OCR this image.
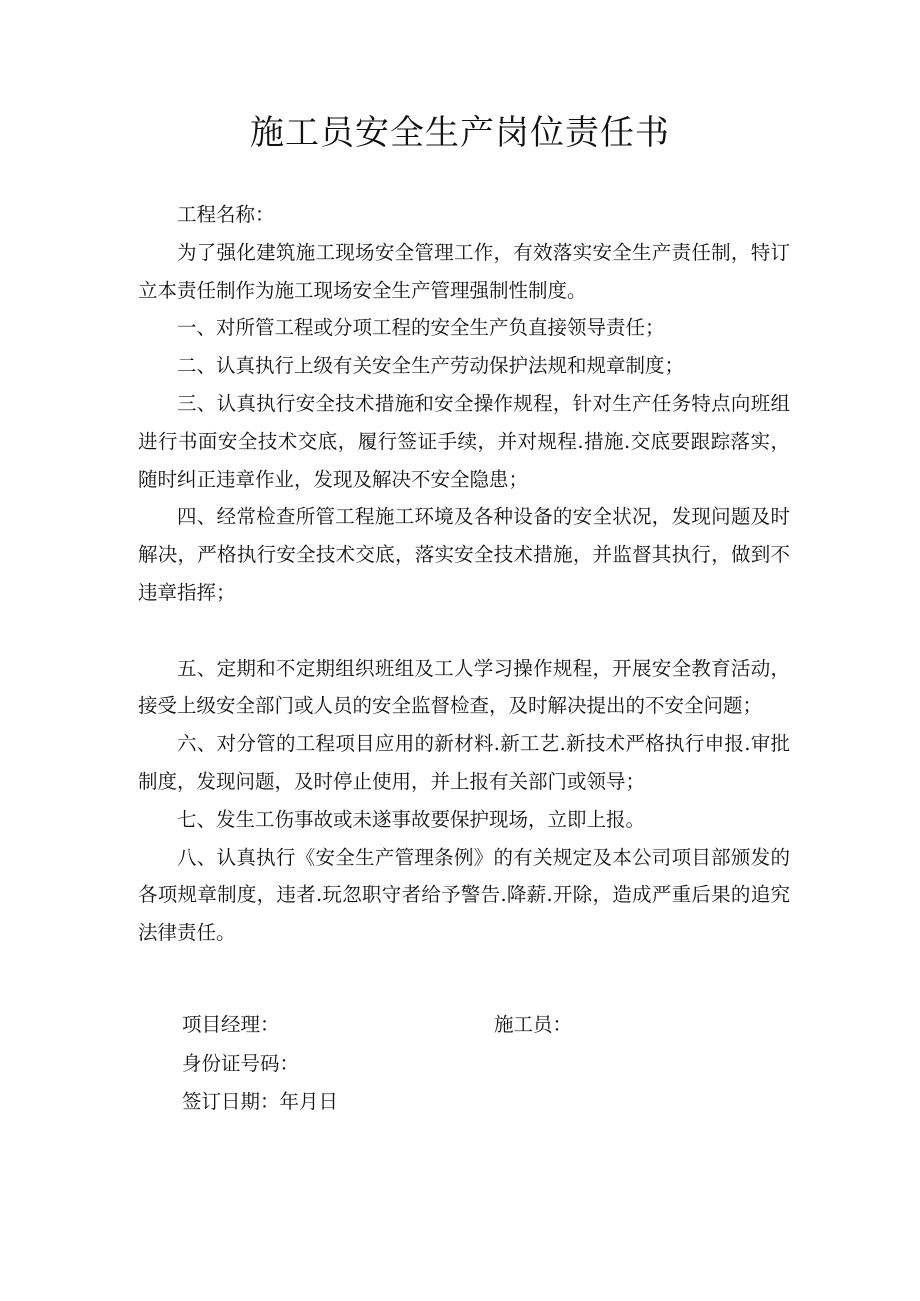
施工员安全生产岗位责任书

工程名称：

为了强化建筑施工现场安全管理工作，有效落实安全生产责任制，特订立本责任制作为施工现场安全生产管理强制性制度。

一、对所管工程或分项工程的安全生产负直接领导责任；

二、认真执行上级有关安全生产劳动保护法规和规章制度；

三、认真执行安全技术措施和安全操作规程，针对生产任务特点向班组进行书面安全技术交底，履行签证手续，并对规程.措施.交底要跟踪落实，随时纠正违章作业，发现及解决不安全隐患；

四、经常检查所管工程施工环境及各种设备的安全状况，发现问题及时解决，严格执行安全技术交底，落实安全技术措施，并监督其执行，做到不违章指挥；

五、定期和不定期组织班组及工人学习操作规程，开展安全教育活动，接受上级安全部门或人员的安全监督检查，及时解决提出的不安全问题；

六、对分管的工程项目应用的新材料.新工艺.新技术严格执行申报.审批制度，发现问题，及时停止使用，并上报有关部门或领导；

七、发生工伤事故或未遂事故要保护现场，立即上报。

八、认真执行《安全生产管理条例》的有关规定及本公司项目部颁发的各项规章制度，违者.玩忽职守者给予警告.降薪.开除，造成严重后果的追究法律责任。

项目经理：	施工员：
身份证号码：
签订日期：年月日
